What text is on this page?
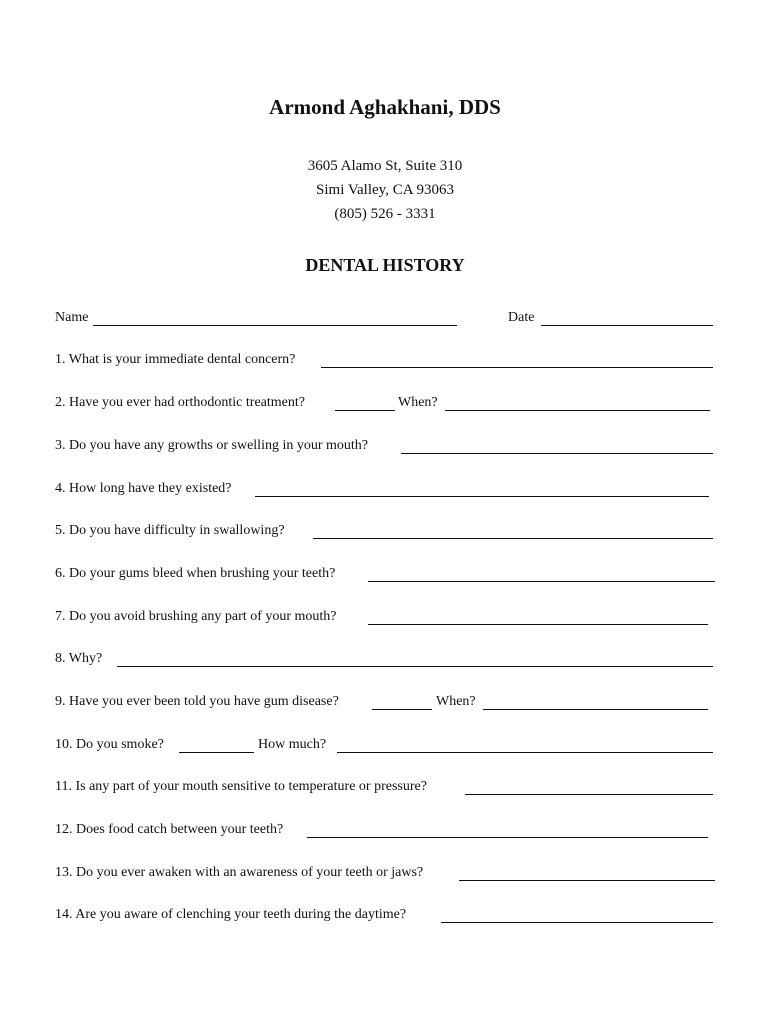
Armond Aghakhani, DDS
3605 Alamo St, Suite 310
Simi Valley, CA 93063
(805) 526 - 3331
DENTAL HISTORY
Name	Date
1. What is your immediate dental concern?
2. Have you ever had orthodontic treatment?	When?
3. Do you have any growths or swelling in your mouth?
4. How long have they existed?
5. Do you have difficulty in swallowing?
6. Do your gums bleed when brushing your teeth?
7. Do you avoid brushing any part of your mouth?
8. Why?
9. Have you ever been told you have gum disease?	When?
10. Do you smoke?	How much?
11. Is any part of your mouth sensitive to temperature or pressure?
12. Does food catch between your teeth?
13. Do you ever awaken with an awareness of your teeth or jaws?
14. Are you aware of clenching your teeth during the daytime?
